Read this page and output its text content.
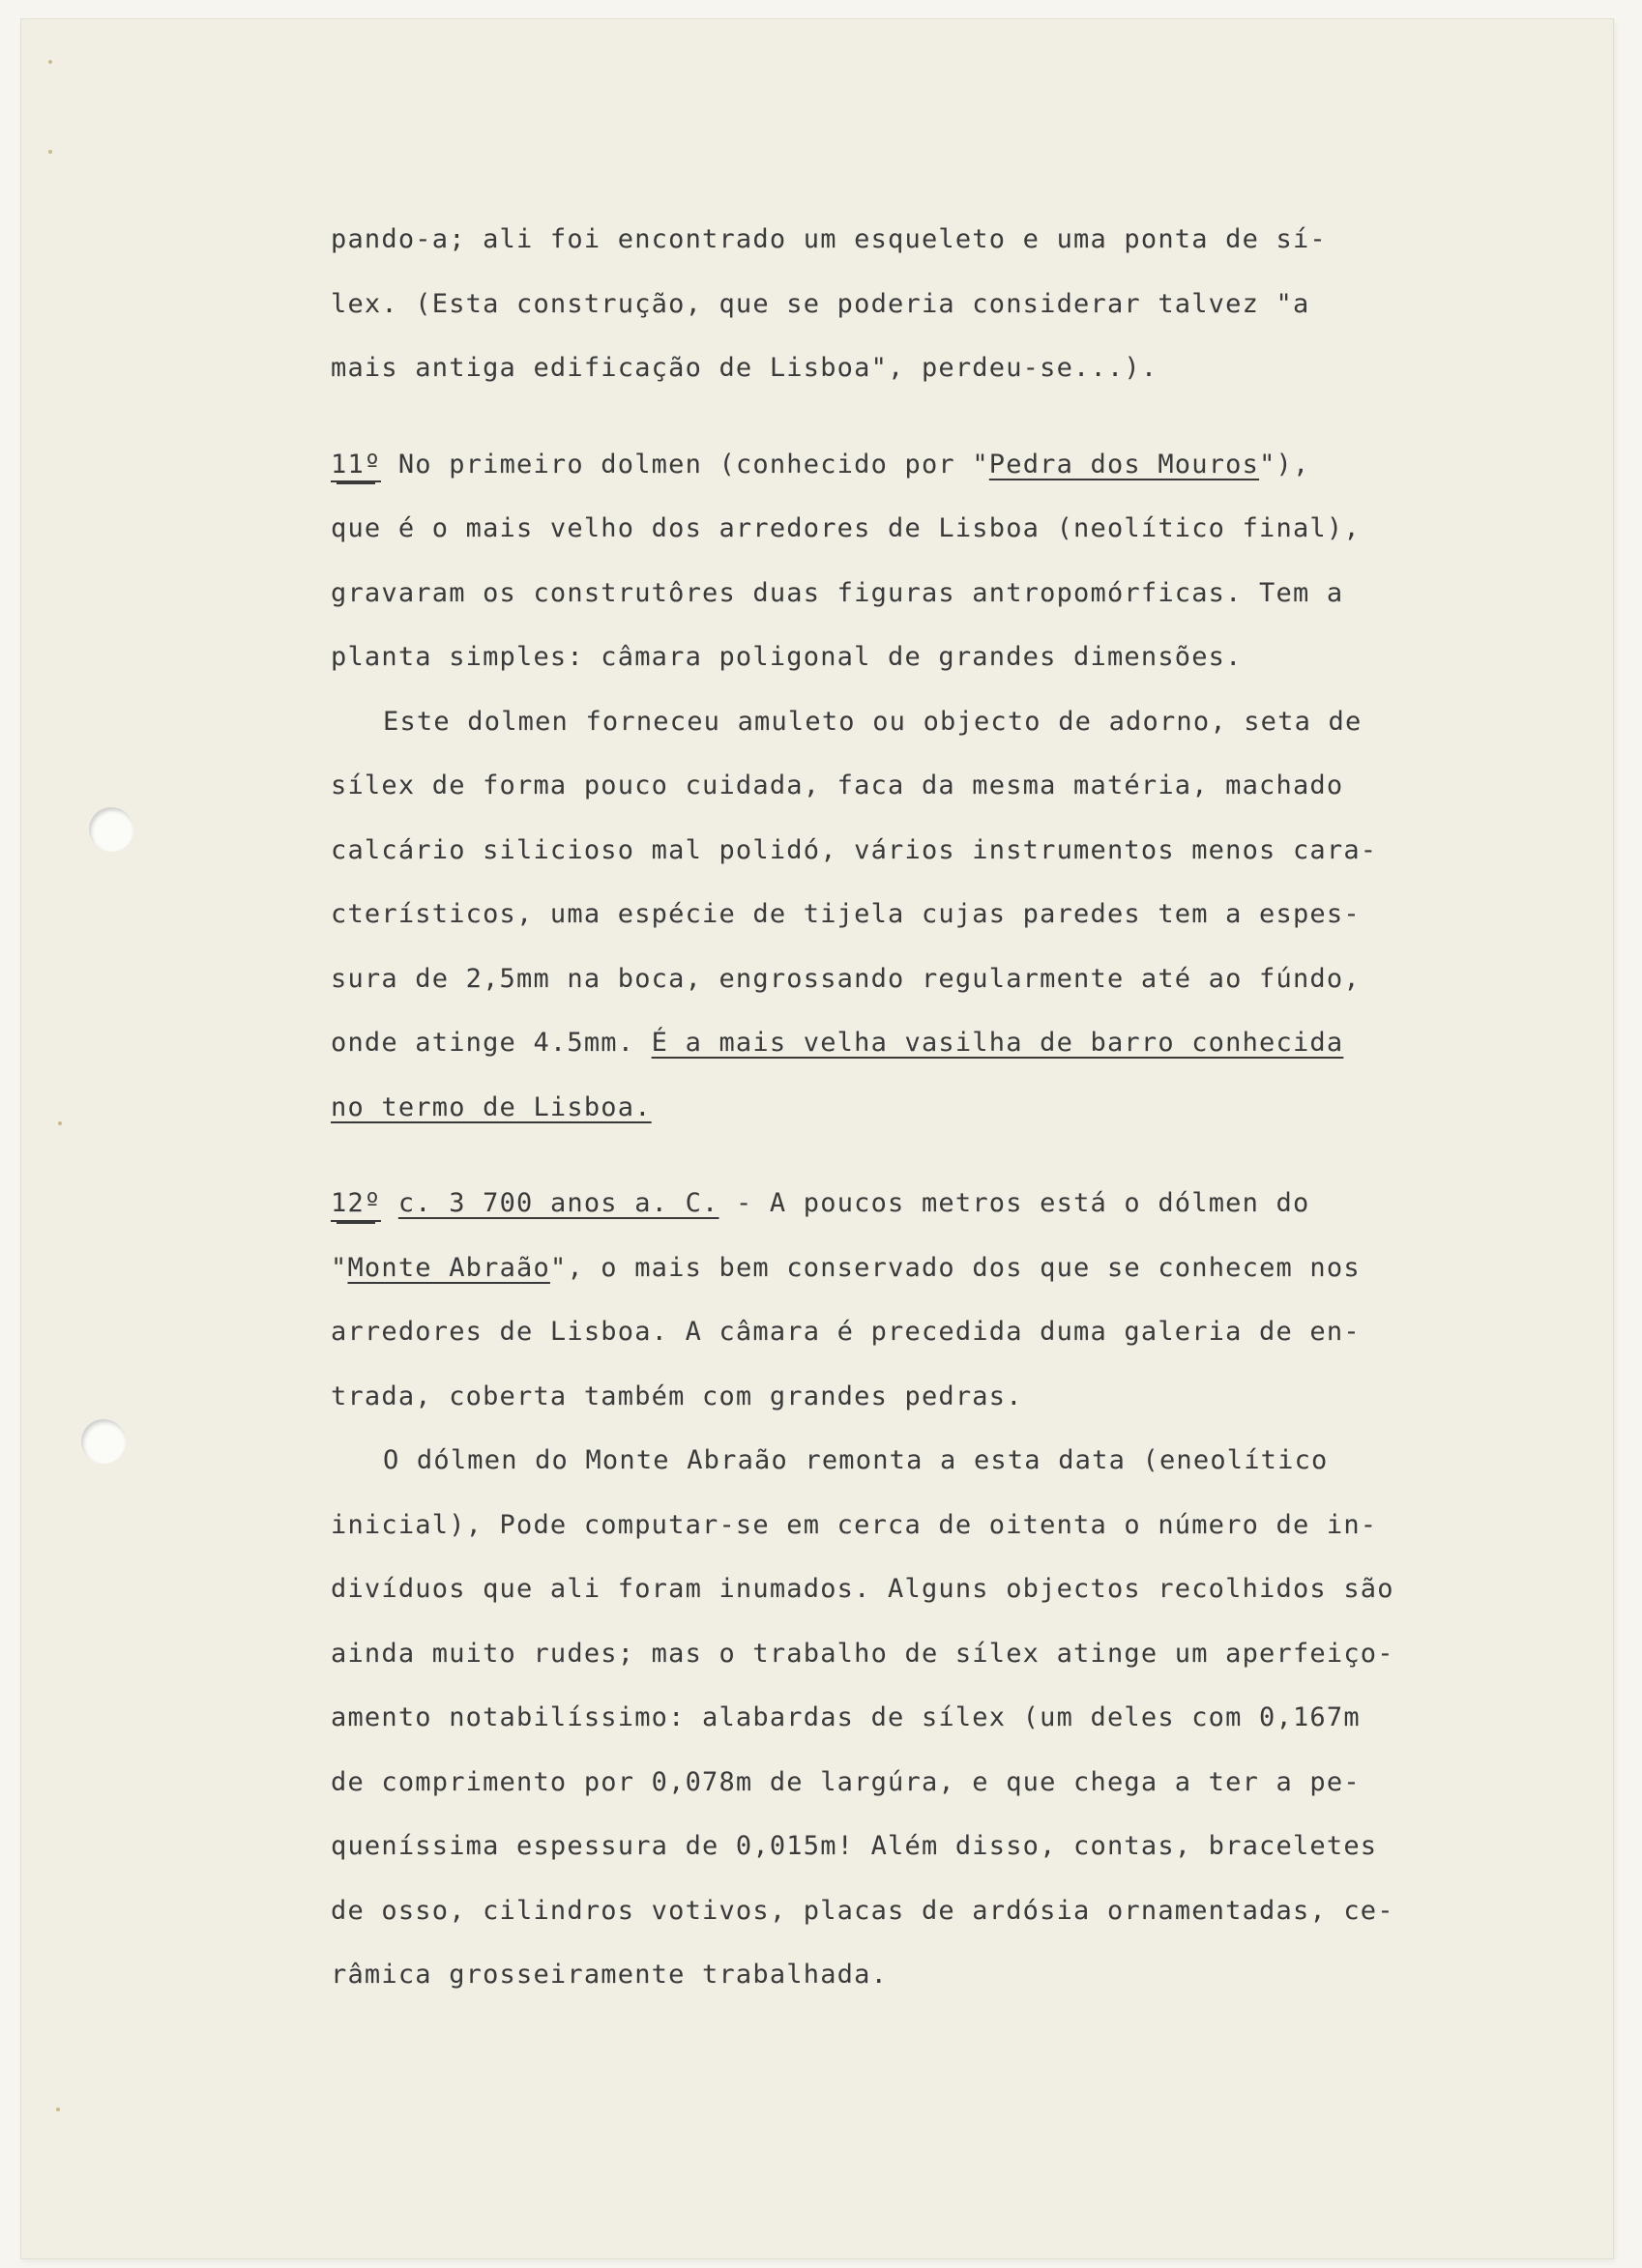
pando-a; ali foi encontrado um esqueleto e uma ponta de sí-
lex. (Esta construção, que se poderia considerar talvez "a
mais antiga edificação de Lisboa", perdeu-se...).
11º No primeiro dolmen (conhecido por "Pedra dos Mouros"),
que é o mais velho dos arredores de Lisboa (neolítico final),
gravaram os construtôres duas figuras antropomórficas. Tem a
planta simples: câmara poligonal de grandes dimensões.
Este dolmen forneceu amuleto ou objecto de adorno, seta de
sílex de forma pouco cuidada, faca da mesma matéria, machado
calcário silicioso mal polidó, vários instrumentos menos cara-
cterísticos, uma espécie de tijela cujas paredes tem a espes-
sura de 2,5mm na boca, engrossando regularmente até ao fúndo,
onde atinge 4.5mm. É a mais velha vasilha de barro conhecida
no termo de Lisboa.
12º c. 3 700 anos a. C. - A poucos metros está o dólmen do
"Monte Abraão", o mais bem conservado dos que se conhecem nos
arredores de Lisboa. A câmara é precedida duma galeria de en-
trada, coberta também com grandes pedras.
O dólmen do Monte Abraão remonta a esta data (eneolítico
inicial), Pode computar-se em cerca de oitenta o número de in-
divíduos que ali foram inumados. Alguns objectos recolhidos são
ainda muito rudes; mas o trabalho de sílex atinge um aperfeiço-
amento notabilíssimo: alabardas de sílex (um deles com 0,167m
de comprimento por 0,078m de largúra, e que chega a ter a pe-
queníssima espessura de 0,015m! Além disso, contas, braceletes
de osso, cilindros votivos, placas de ardósia ornamentadas, ce-
râmica grosseiramente trabalhada.
